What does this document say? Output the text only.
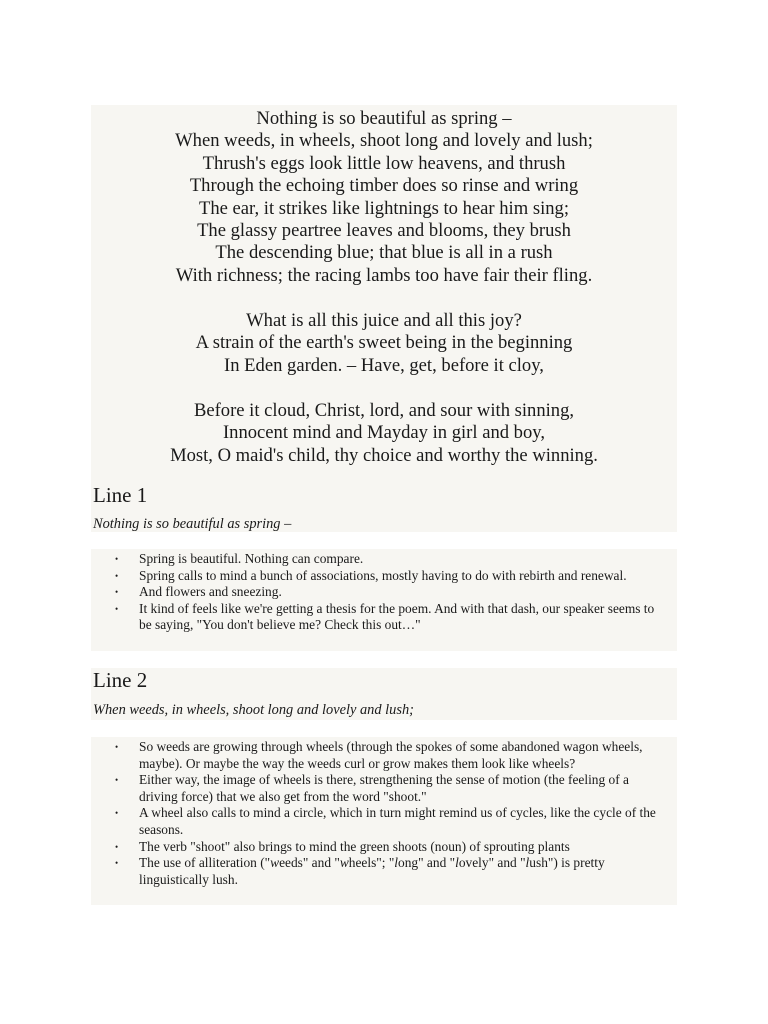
Nothing is so beautiful as spring –
When weeds, in wheels, shoot long and lovely and lush;
Thrush's eggs look little low heavens, and thrush
Through the echoing timber does so rinse and wring
The ear, it strikes like lightnings to hear him sing;
The glassy peartree leaves and blooms, they brush
The descending blue; that blue is all in a rush
With richness; the racing lambs too have fair their fling.
What is all this juice and all this joy?
A strain of the earth's sweet being in the beginning
In Eden garden. – Have, get, before it cloy,
Before it cloud, Christ, lord, and sour with sinning,
Innocent mind and Mayday in girl and boy,
Most, O maid's child, thy choice and worthy the winning.
Line 1

Nothing is so beautiful as spring –

• Spring is beautiful. Nothing can compare.
• Spring calls to mind a bunch of associations, mostly having to do with rebirth and renewal.
• And flowers and sneezing.
• It kind of feels like we're getting a thesis for the poem. And with that dash, our speaker seems to be saying, "You don't believe me? Check this out…"
Line 2

When weeds, in wheels, shoot long and lovely and lush;

• So weeds are growing through wheels (through the spokes of some abandoned wagon wheels, maybe). Or maybe the way the weeds curl or grow makes them look like wheels?
• Either way, the image of wheels is there, strengthening the sense of motion (the feeling of a driving force) that we also get from the word "shoot."
• A wheel also calls to mind a circle, which in turn might remind us of cycles, like the cycle of the seasons.
• The verb "shoot" also brings to mind the green shoots (noun) of sprouting plants
• The use of alliteration ("weeds" and "wheels"; "long" and "lovely" and "lush") is pretty linguistically lush.
